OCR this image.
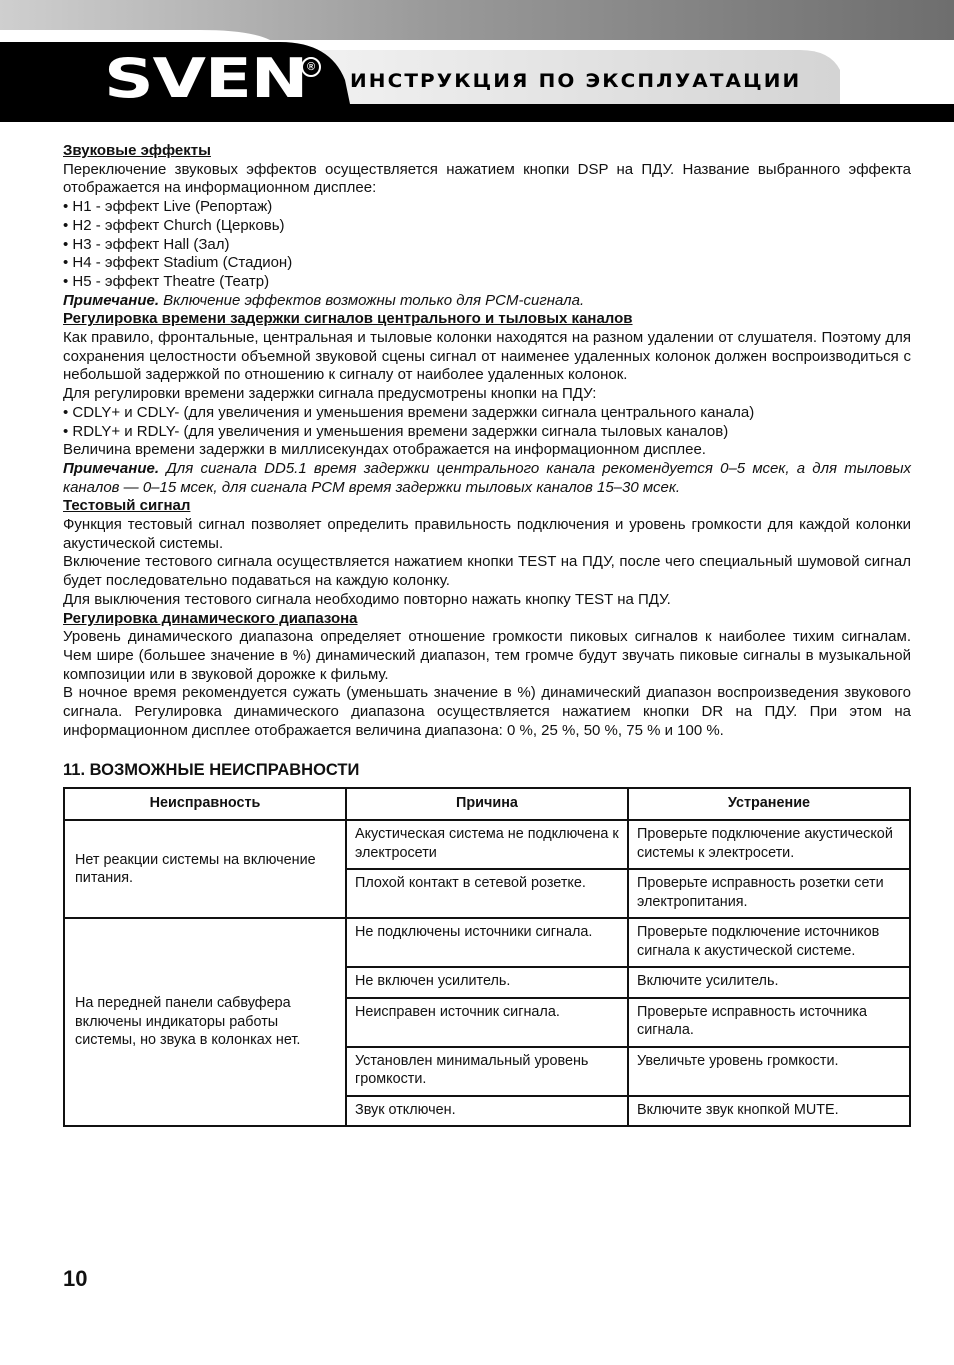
SVEN ®
ИНСТРУКЦИЯ ПО ЭКСПЛУАТАЦИИ

Звуковые эффекты

Переключение звуковых эффектов осуществляется нажатием кнопки DSP на ПДУ. Название выбранного эффекта отображается на информационном дисплее:

• H1 - эффект Live (Репортаж)

• H2 - эффект Church (Церковь)

• H3 - эффект Hall (Зал)

• H4 - эффект Stadium (Стадион)

• H5 - эффект Theatre (Театр)

Примечание. Включение эффектов возможны только для PCM-сигнала.

Регулировка времени задержки сигналов центрального и тыловых каналов

Как правило, фронтальные, центральная и тыловые колонки находятся на разном удалении от слушателя. Поэтому для сохранения целостности объемной звуковой сцены сигнал от наименее удаленных колонок должен воспроизводиться с небольшой задержкой по отношению к сигналу от наиболее удаленных колонок.

Для регулировки времени задержки сигнала предусмотрены кнопки на ПДУ:

• CDLY+ и CDLY- (для увеличения и уменьшения времени задержки сигнала центрального канала)

• RDLY+ и RDLY- (для увеличения и уменьшения времени задержки сигнала тыловых каналов)

Величина времени задержки в миллисекундах отображается на информационном дисплее.

Примечание. Для сигнала DD5.1 время задержки центрального канала рекомендуется 0–5 мсек, а для тыловых каналов — 0–15 мсек, для сигнала PCM время задержки тыловых каналов 15–30 мсек.

Тестовый сигнал

Функция тестовый сигнал позволяет определить правильность подключения и уровень громкости для каждой колонки акустической системы.

Включение тестового сигнала осуществляется нажатием кнопки TEST на ПДУ, после чего специальный шумовой сигнал будет последовательно подаваться на каждую колонку.

Для выключения тестового сигнала необходимо повторно нажать кнопку TEST на ПДУ.

Регулировка динамического диапазона

Уровень динамического диапазона определяет отношение громкости пиковых сигналов к наиболее тихим сигналам. Чем шире (большее значение в %) динамический диапазон, тем громче будут звучать пиковые сигналы в музыкальной композиции или в звуковой дорожке к фильму.

В ночное время рекомендуется сужать (уменьшать значение в %) динамический диапазон воспроизведения звукового сигнала. Регулировка динамического диапазона осуществляется нажатием кнопки DR на ПДУ. При этом на информационном дисплее отображается величина диапазона: 0 %, 25 %, 50 %, 75 % и 100 %.

11. ВОЗМОЖНЫЕ НЕИСПРАВНОСТИ
Неисправность	Причина	Устранение
Нет реакции системы на включение питания.	Акустическая система не подключена к электросети	Проверьте подключение акустической системы к электросети.
	Плохой контакт в сетевой розетке.	Проверьте исправность розетки сети электропитания.
На передней панели сабвуфера включены индикаторы работы системы, но звука в колонках нет.	Не подключены источники сигнала.	Проверьте подключение источников сигнала к акустической системе.
	Не включен усилитель.	Включите усилитель.
	Неисправен источник сигнала.	Проверьте исправность источника сигнала.
	Установлен минимальный уровень громкости.	Увеличьте уровень громкости.
	Звук отключен.	Включите звук кнопкой MUTE.
10
